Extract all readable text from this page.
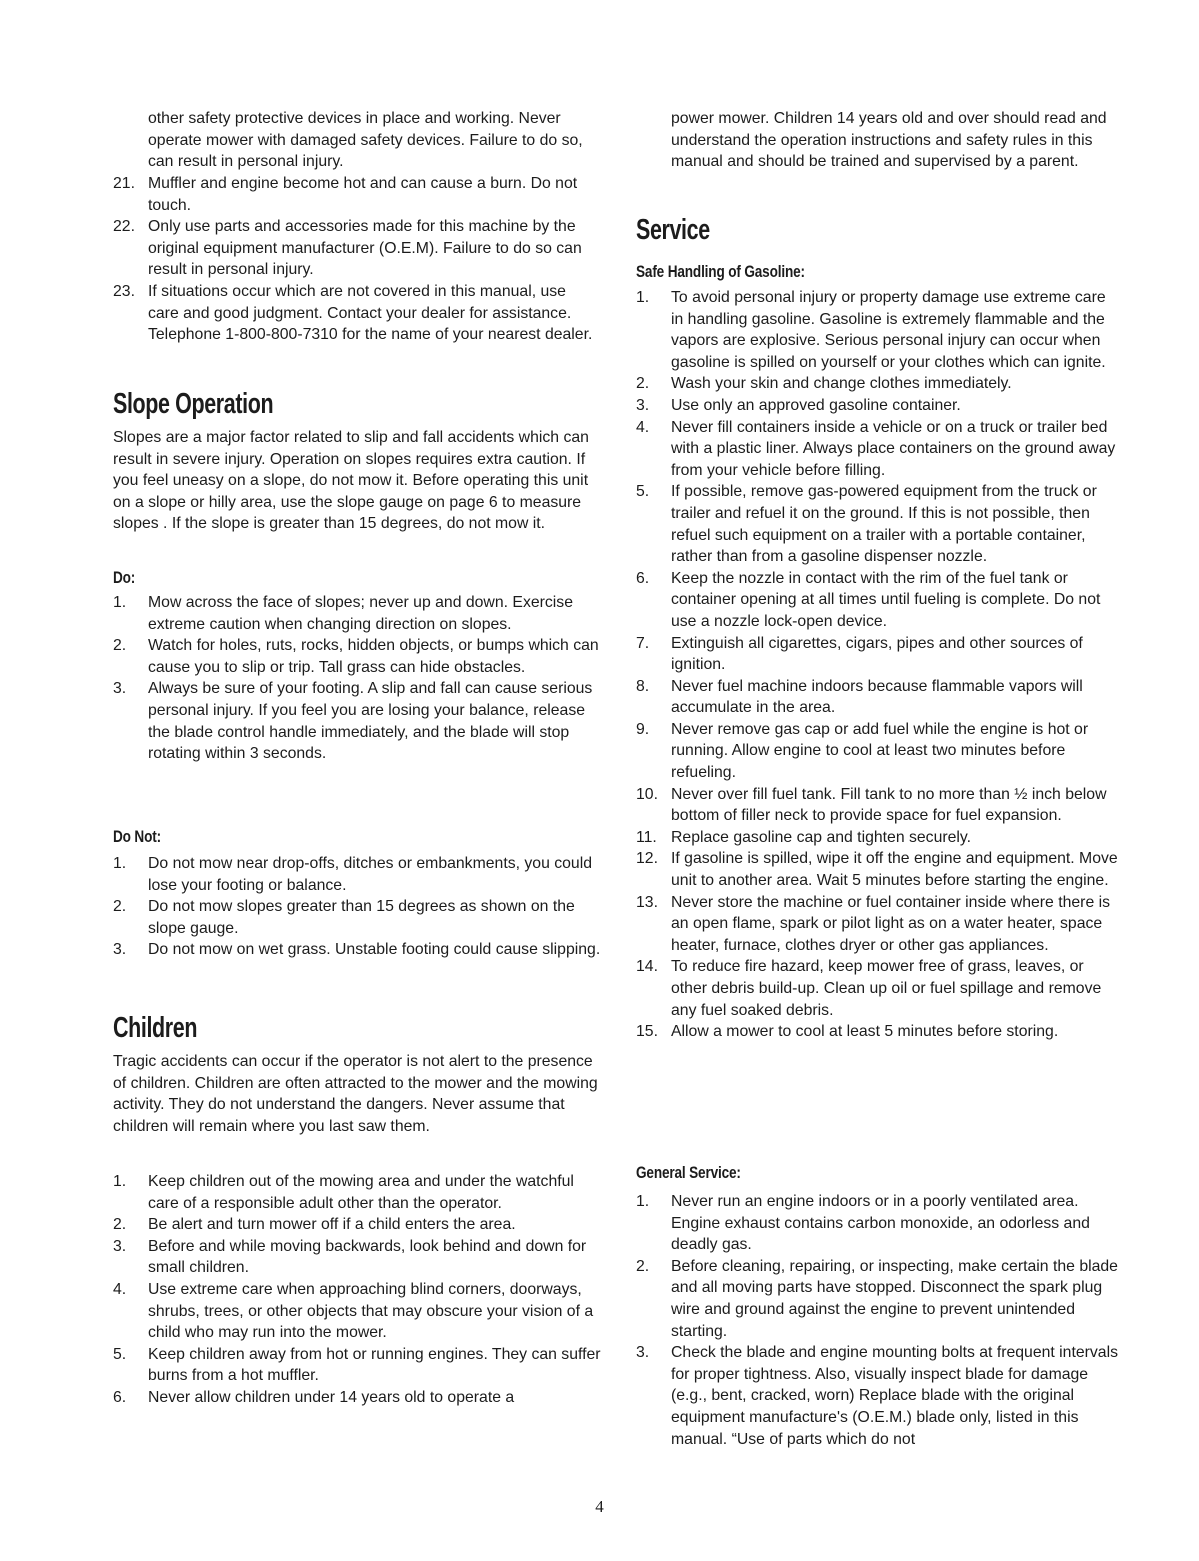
other safety protective devices in place and working. Never operate mower with damaged safety devices. Failure to do so, can result in personal injury.
21. Muffler and engine become hot and can cause a burn. Do not touch.
22. Only use parts and accessories made for this machine by the original equipment manufacturer (O.E.M). Failure to do so can result in personal injury.
23. If situations occur which are not covered in this manual, use care and good judgment. Contact your dealer for assistance. Telephone 1-800-800-7310 for the name of your nearest dealer.
Slope Operation
Slopes are a major factor related to slip and fall accidents which can result in severe injury. Operation on slopes requires extra caution. If you feel uneasy on a slope, do not mow it. Before operating this unit on a slope or hilly area, use the slope gauge on page 6 to measure slopes . If the slope is greater than 15 degrees, do not mow it.
Do:
1.	Mow across the face of slopes; never up and down. Exercise extreme caution when changing direction on slopes.
2.	Watch for holes, ruts, rocks, hidden objects, or bumps which can cause you to slip or trip. Tall grass can hide obstacles.
3.	Always be sure of your footing. A slip and fall can cause serious personal injury. If you feel you are losing your balance, release the blade control handle immediately, and the blade will stop rotating within 3 seconds.
Do Not:
1.	Do not mow near drop-offs, ditches or embankments, you could lose your footing or balance.
2.	Do not mow slopes greater than 15 degrees as shown on the slope gauge.
3.	Do not mow on wet grass. Unstable footing could cause slipping.
Children
Tragic accidents can occur if the operator is not alert to the presence of children. Children are often attracted to the mower and the mowing activity. They do not understand the dangers. Never assume that children will remain where you last saw them.
1.	Keep children out of the mowing area and under the watchful care of a responsible adult other than the operator.
2.	Be alert and turn mower off if a child enters the area.
3.	Before and while moving backwards, look behind and down for small children.
4.	Use extreme care when approaching blind corners, doorways, shrubs, trees, or other objects that may obscure your vision of a child who may run into the mower.
5.	Keep children away from hot or running engines. They can suffer burns from a hot muffler.
6.	Never allow children under 14 years old to operate a
power mower. Children 14 years old and over should read and understand the operation instructions and safety rules in this manual and should be trained and supervised by a parent.
Service
Safe Handling of Gasoline:
1.	To avoid personal injury or property damage use extreme care in handling gasoline. Gasoline is extremely flammable and the vapors are explosive. Serious personal injury can occur when gasoline is spilled on yourself or your clothes which can ignite.
2.	Wash your skin and change clothes immediately.
3.	Use only an approved gasoline container.
4.	Never fill containers inside a vehicle or on a truck or trailer bed with a plastic liner. Always place containers on the ground away from your vehicle before filling.
5.	If possible, remove gas-powered equipment from the truck or trailer and refuel it on the ground. If this is not possible, then refuel such equipment on a trailer with a portable container, rather than from a gasoline dispenser nozzle.
6.	Keep the nozzle in contact with the rim of the fuel tank or container opening at all times until fueling is complete. Do not use a nozzle lock-open device.
7.	Extinguish all cigarettes, cigars, pipes and other sources of ignition.
8.	Never fuel machine indoors because flammable vapors will accumulate in the area.
9.	Never remove gas cap or add fuel while the engine is hot or running. Allow engine to cool at least two minutes before refueling.
10. Never over fill fuel tank. Fill tank to no more than ½ inch below bottom of filler neck to provide space for fuel expansion.
11. Replace gasoline cap and tighten securely.
12. If gasoline is spilled, wipe it off the engine and equipment. Move unit to another area. Wait 5 minutes before starting the engine.
13. Never store the machine or fuel container inside where there is an open flame, spark or pilot light as on a water heater, space heater, furnace, clothes dryer or other gas appliances.
14. To reduce fire hazard, keep mower free of grass, leaves, or other debris build-up. Clean up oil or fuel spillage and remove any fuel soaked debris.
15. Allow a mower to cool at least 5 minutes before storing.
General Service:
1.	Never run an engine indoors or in a poorly ventilated area. Engine exhaust contains carbon monoxide, an odorless and deadly gas.
2.	Before cleaning, repairing, or inspecting, make certain the blade and all moving parts have stopped. Disconnect the spark plug wire and ground against the engine to prevent unintended starting.
3.	Check the blade and engine mounting bolts at frequent intervals for proper tightness. Also, visually inspect blade for damage (e.g., bent, cracked, worn) Replace blade with the original equipment manufacture's (O.E.M.) blade only, listed in this manual. “Use of parts which do not
4
